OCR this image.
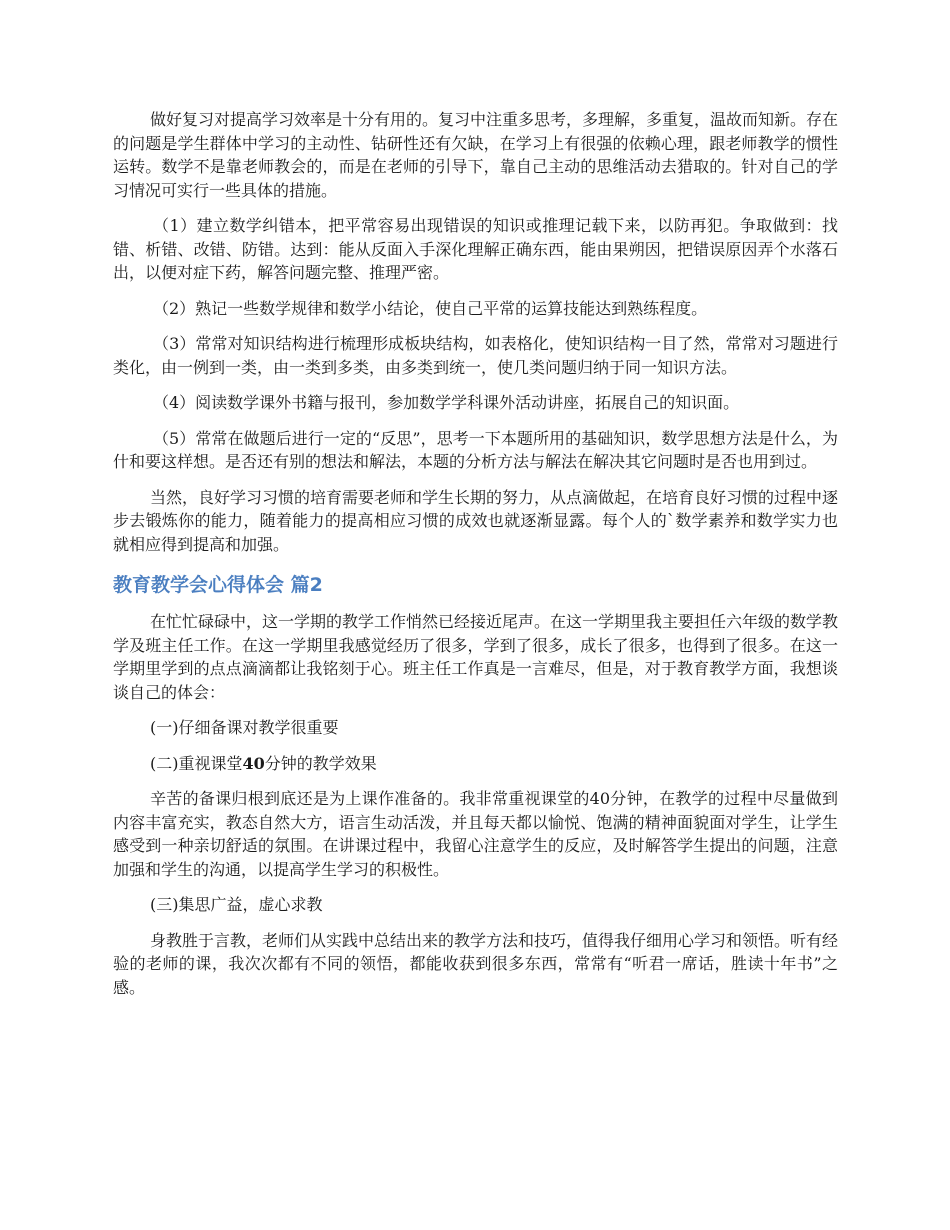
做好复习对提高学习效率是十分有用的。复习中注重多思考，多理解，多重复，温故而知新。存在的问题是学生群体中学习的主动性、钻研性还有欠缺，在学习上有很强的依赖心理，跟老师教学的惯性运转。数学不是靠老师教会的，而是在老师的引导下，靠自己主动的思维活动去猎取的。针对自己的学习情况可实行一些具体的措施。

（1）建立数学纠错本，把平常容易出现错误的知识或推理记载下来，以防再犯。争取做到：找错、析错、改错、防错。达到：能从反面入手深化理解正确东西，能由果朔因，把错误原因弄个水落石出，以便对症下药，解答问题完整、推理严密。

（2）熟记一些数学规律和数学小结论，使自己平常的运算技能达到熟练程度。

（3）常常对知识结构进行梳理形成板块结构，如表格化，使知识结构一目了然，常常对习题进行类化，由一例到一类，由一类到多类，由多类到统一，使几类问题归纳于同一知识方法。

（4）阅读数学课外书籍与报刊，参加数学学科课外活动讲座，拓展自己的知识面。

（5）常常在做题后进行一定的“反思”，思考一下本题所用的基础知识，数学思想方法是什么，为什和要这样想。是否还有别的想法和解法，本题的分析方法与解法在解决其它问题时是否也用到过。

当然，良好学习习惯的培育需要老师和学生长期的努力，从点滴做起，在培育良好习惯的过程中逐步去锻炼你的能力，随着能力的提高相应习惯的成效也就逐渐显露。每个人的`数学素养和数学实力也就相应得到提高和加强。

教育教学会心得体会 篇2

在忙忙碌碌中，这一学期的教学工作悄然已经接近尾声。在这一学期里我主要担任六年级的数学教学及班主任工作。在这一学期里我感觉经历了很多，学到了很多，成长了很多，也得到了很多。在这一学期里学到的点点滴滴都让我铭刻于心。班主任工作真是一言难尽，但是，对于教育教学方面，我想谈谈自己的体会：

(一)仔细备课对教学很重要

(二)重视课堂40分钟的教学效果

辛苦的备课归根到底还是为上课作准备的。我非常重视课堂的40分钟，在教学的过程中尽量做到内容丰富充实，教态自然大方，语言生动活泼，并且每天都以愉悦、饱满的精神面貌面对学生，让学生感受到一种亲切舒适的氛围。在讲课过程中，我留心注意学生的反应，及时解答学生提出的问题，注意加强和学生的沟通，以提高学生学习的积极性。

(三)集思广益，虚心求教

身教胜于言教，老师们从实践中总结出来的教学方法和技巧，值得我仔细用心学习和领悟。听有经验的老师的课，我次次都有不同的领悟，都能收获到很多东西，常常有“听君一席话，胜读十年书”之感。
